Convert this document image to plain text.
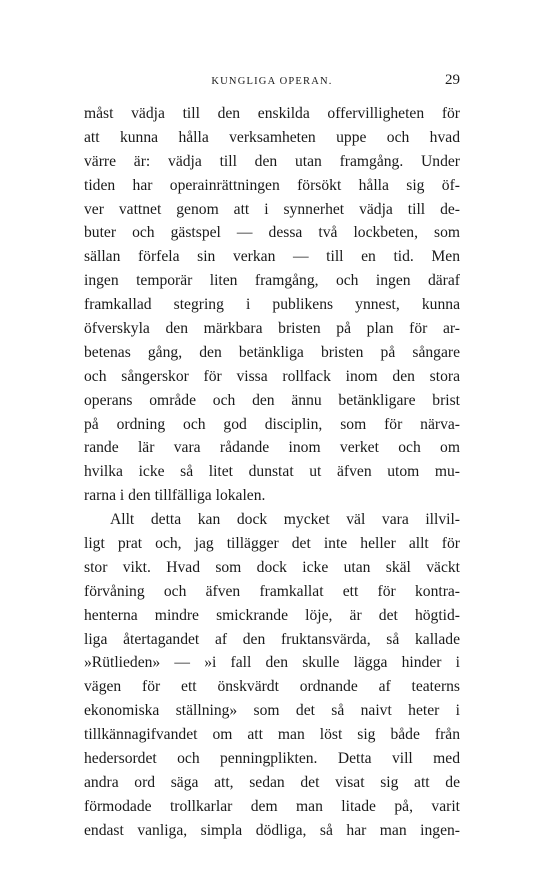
KUNGLIGA OPERAN.	29
måst vädja till den enskilda offervilligheten för
att kunna hålla verksamheten uppe och hvad
värre är: vädja till den utan framgång. Under
tiden har operainrättningen försökt hålla sig öf-
ver vattnet genom att i synnerhet vädja till de-
buter och gästspel — dessa två lockbeten, som
sällan förfela sin verkan — till en tid. Men
ingen temporär liten framgång, och ingen däraf
framkallad stegring i publikens ynnest, kunna
öfverskyla den märkbara bristen på plan för ar-
betenas gång, den betänkliga bristen på sångare
och sångerskor för vissa rollfack inom den stora
operans område och den ännu betänkligare brist
på ordning och god disciplin, som för närva-
rande lär vara rådande inom verket och om
hvilka icke så litet dunstat ut äfven utom mu-
rarna i den tillfälliga lokalen.
Allt detta kan dock mycket väl vara illvil-
ligt prat och, jag tillägger det inte heller allt för
stor vikt. Hvad som dock icke utan skäl väckt
förvåning och äfven framkallat ett för kontra-
henterna mindre smickrande löje, är det högtid-
liga återtagandet af den fruktansvärda, så kallade
»Rütlieden» — »i fall den skulle lägga hinder i
vägen för ett önskvärdt ordnande af teaterns
ekonomiska ställning» som det så naivt heter i
tillkännagifvandet om att man löst sig både från
hedersordet och penningplikten. Detta vill med
andra ord säga att, sedan det visat sig att de
förmodade trollkarlar dem man litade på, varit
endast vanliga, simpla dödliga, så har man ingen-
